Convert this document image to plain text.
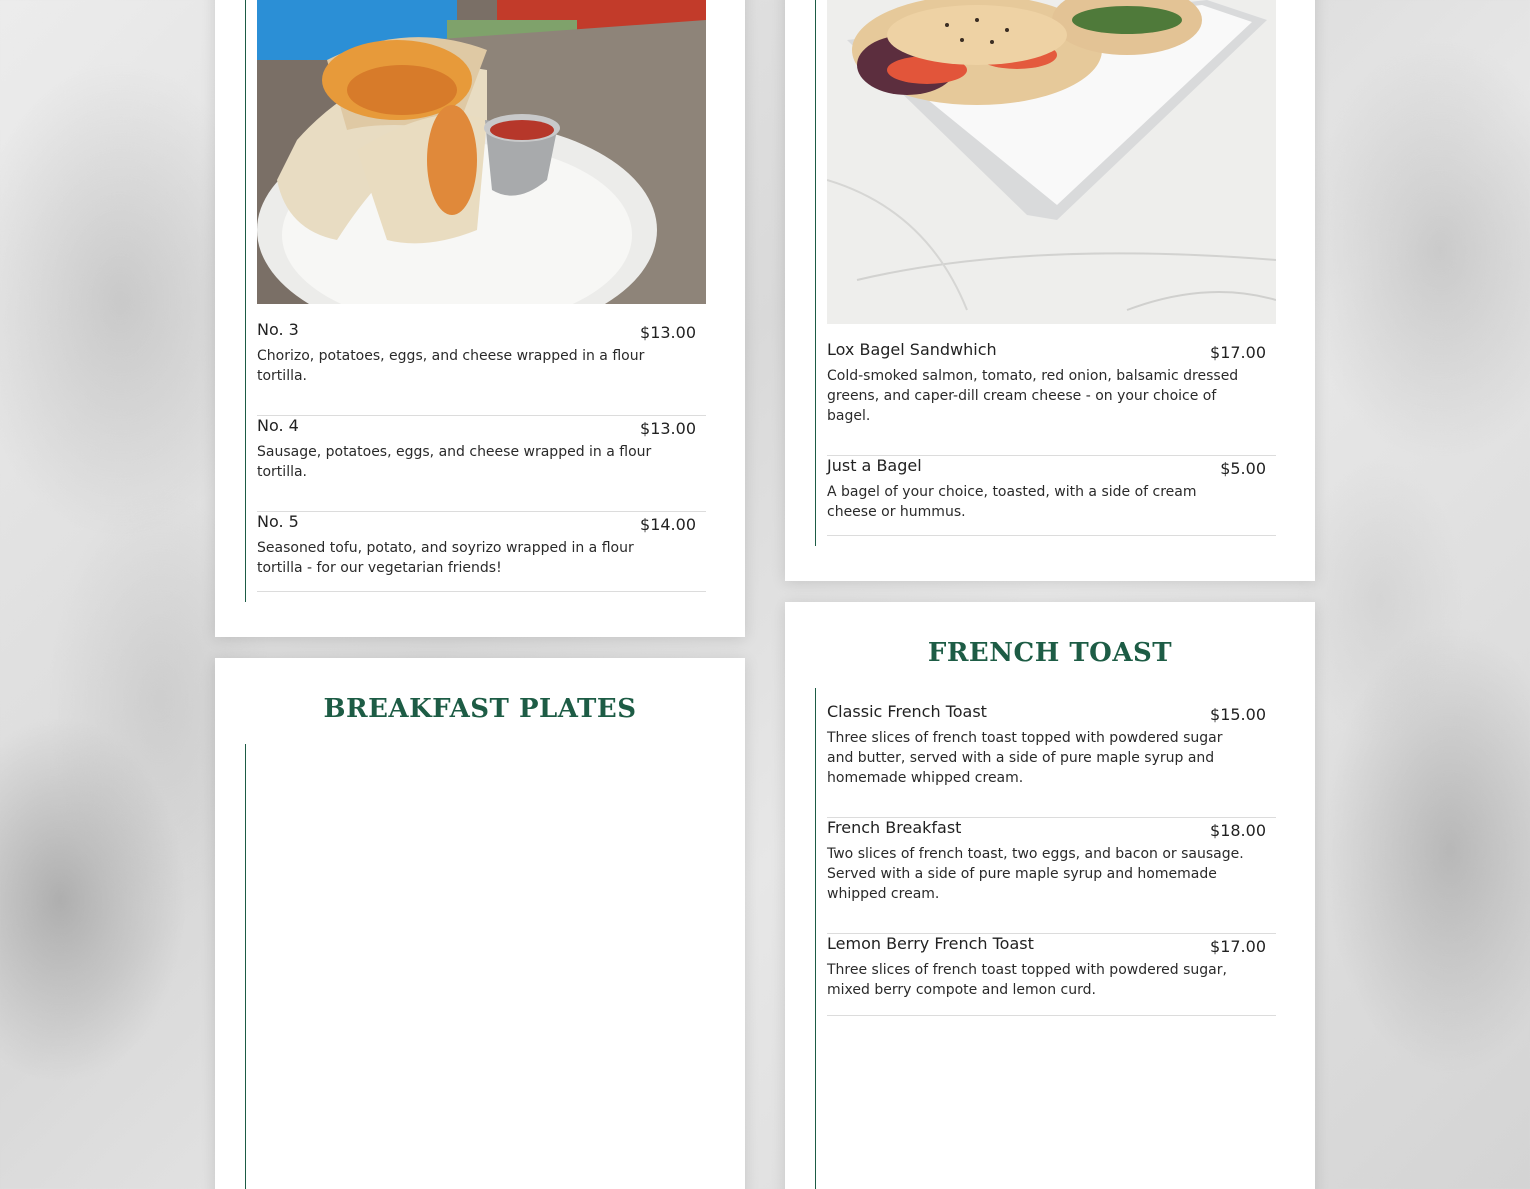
No. 3	$13.00
Chorizo, potatoes, eggs, and cheese wrapped in a flour tortilla.
No. 4	$13.00
Sausage, potatoes, eggs, and cheese wrapped in a flour tortilla.
No. 5	$14.00
Seasoned tofu, potato, and soyrizo wrapped in a flour tortilla - for our vegetarian friends!
Lox Bagel Sandwhich	$17.00
Cold-smoked salmon, tomato, red onion, balsamic dressed greens, and caper-dill cream cheese - on your choice of bagel.
Just a Bagel	$5.00
A bagel of your choice, toasted, with a side of cream cheese or hummus.
BREAKFAST PLATES
FRENCH TOAST
Classic French Toast	$15.00
Three slices of french toast topped with powdered sugar and butter, served with a side of pure maple syrup and homemade whipped cream.
French Breakfast	$18.00
Two slices of french toast, two eggs, and bacon or sausage. Served with a side of pure maple syrup and homemade whipped cream.
Lemon Berry French Toast	$17.00
Three slices of french toast topped with powdered sugar, mixed berry compote and lemon curd.
